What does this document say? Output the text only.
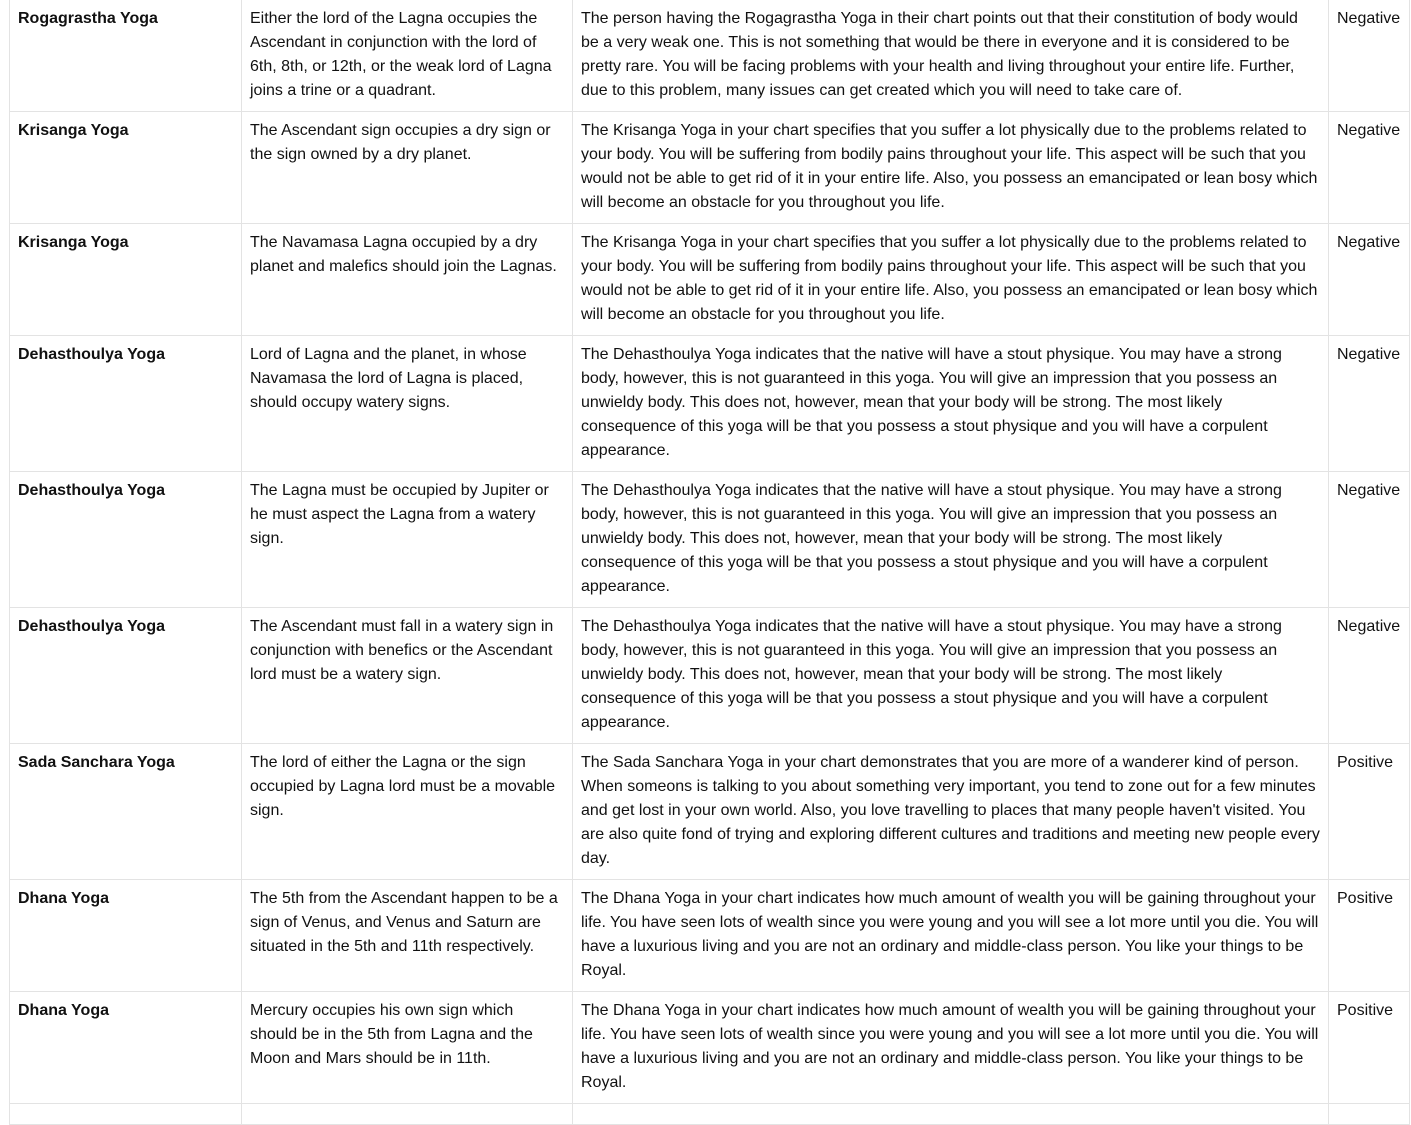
Rogagrastha Yoga	Either the lord of the Lagna occupies the Ascendant in conjunction with the lord of 6th, 8th, or 12th, or the weak lord of Lagna joins a trine or a quadrant.	The person having the Rogagrastha Yoga in their chart points out that their constitution of body would be a very weak one. This is not something that would be there in everyone and it is considered to be pretty rare. You will be facing problems with your health and living throughout your entire life. Further, due to this problem, many issues can get created which you will need to take care of.	Negative
Krisanga Yoga	The Ascendant sign occupies a dry sign or the sign owned by a dry planet.	The Krisanga Yoga in your chart specifies that you suffer a lot physically due to the problems related to your body. You will be suffering from bodily pains throughout your life. This aspect will be such that you would not be able to get rid of it in your entire life. Also, you possess an emancipated or lean bosy which will become an obstacle for you throughout you life.	Negative
Krisanga Yoga	The Navamasa Lagna occupied by a dry planet and malefics should join the Lagnas.	The Krisanga Yoga in your chart specifies that you suffer a lot physically due to the problems related to your body. You will be suffering from bodily pains throughout your life. This aspect will be such that you would not be able to get rid of it in your entire life. Also, you possess an emancipated or lean bosy which will become an obstacle for you throughout you life.	Negative
Dehasthoulya Yoga	Lord of Lagna and the planet, in whose Navamasa the lord of Lagna is placed, should occupy watery signs.	The Dehasthoulya Yoga indicates that the native will have a stout physique. You may have a strong body, however, this is not guaranteed in this yoga. You will give an impression that you possess an unwieldy body. This does not, however, mean that your body will be strong. The most likely consequence of this yoga will be that you possess a stout physique and you will have a corpulent appearance.	Negative
Dehasthoulya Yoga	The Lagna must be occupied by Jupiter or he must aspect the Lagna from a watery sign.	The Dehasthoulya Yoga indicates that the native will have a stout physique. You may have a strong body, however, this is not guaranteed in this yoga. You will give an impression that you possess an unwieldy body. This does not, however, mean that your body will be strong. The most likely consequence of this yoga will be that you possess a stout physique and you will have a corpulent appearance.	Negative
Dehasthoulya Yoga	The Ascendant must fall in a watery sign in conjunction with benefics or the Ascendant lord must be a watery sign.	The Dehasthoulya Yoga indicates that the native will have a stout physique. You may have a strong body, however, this is not guaranteed in this yoga. You will give an impression that you possess an unwieldy body. This does not, however, mean that your body will be strong. The most likely consequence of this yoga will be that you possess a stout physique and you will have a corpulent appearance.	Negative
Sada Sanchara Yoga	The lord of either the Lagna or the sign occupied by Lagna lord must be a movable sign.	The Sada Sanchara Yoga in your chart demonstrates that you are more of a wanderer kind of person. When someons is talking to you about something very important, you tend to zone out for a few minutes and get lost in your own world. Also, you love travelling to places that many people haven't visited. You are also quite fond of trying and exploring different cultures and traditions and meeting new people every day.	Positive
Dhana Yoga	The 5th from the Ascendant happen to be a sign of Venus, and Venus and Saturn are situated in the 5th and 11th respectively.	The Dhana Yoga in your chart indicates how much amount of wealth you will be gaining throughout your life. You have seen lots of wealth since you were young and you will see a lot more until you die. You will have a luxurious living and you are not an ordinary and middle-class person. You like your things to be Royal.	Positive
Dhana Yoga	Mercury occupies his own sign which should be in the 5th from Lagna and the Moon and Mars should be in 11th.	The Dhana Yoga in your chart indicates how much amount of wealth you will be gaining throughout your life. You have seen lots of wealth since you were young and you will see a lot more until you die. You will have a luxurious living and you are not an ordinary and middle-class person. You like your things to be Royal.	Positive
